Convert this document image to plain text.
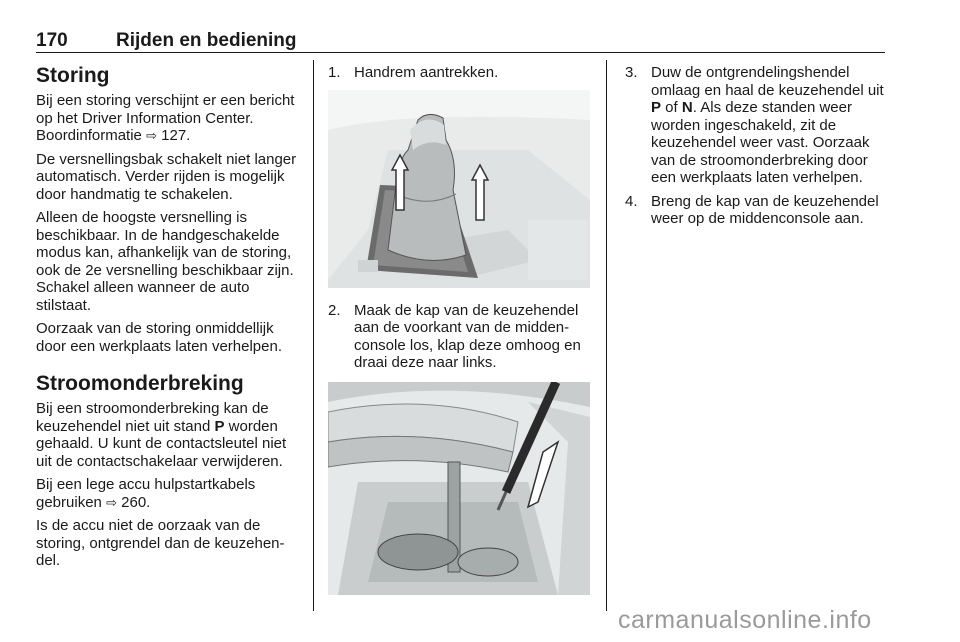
170	Rijden en bediening
Storing

Bij een storing verschijnt er een bericht op het Driver Information Center. Boordinformatie ⇨ 127.

De versnellingsbak schakelt niet langer automatisch. Verder rijden is mogelijk door handmatig te schakelen.

Alleen de hoogste versnelling is beschikbaar. In de handgeschakelde modus kan, afhankelijk van de storing, ook de 2e versnelling beschikbaar zijn. Schakel alleen wanneer de auto stilstaat.

Oorzaak van de storing onmiddellijk door een werkplaats laten verhelpen.

Stroomonderbreking

Bij een stroomonderbreking kan de keuzehendel niet uit stand P worden gehaald. U kunt de contactsleutel niet uit de contactschakelaar verwijderen.

Bij een lege accu hulpstartkabels gebruiken ⇨ 260.

Is de accu niet de oorzaak van de storing, ontgrendel dan de keuzehendel.

1. Handrem aantrekken.
2. Maak de kap van de keuzehendel aan de voorkant van de middenconsole los, klap deze omhoog en draai deze naar links.
3. Duw de ontgrendelingshendel omlaag en haal de keuzehendel uit P of N. Als deze standen weer worden ingeschakeld, zit de keuzehendel weer vast. Oorzaak van de stroomonderbreking door een werkplaats laten verhelpen.
4. Breng de kap van de keuzehendel weer op de middenconsole aan.
carmanualsonline.info
